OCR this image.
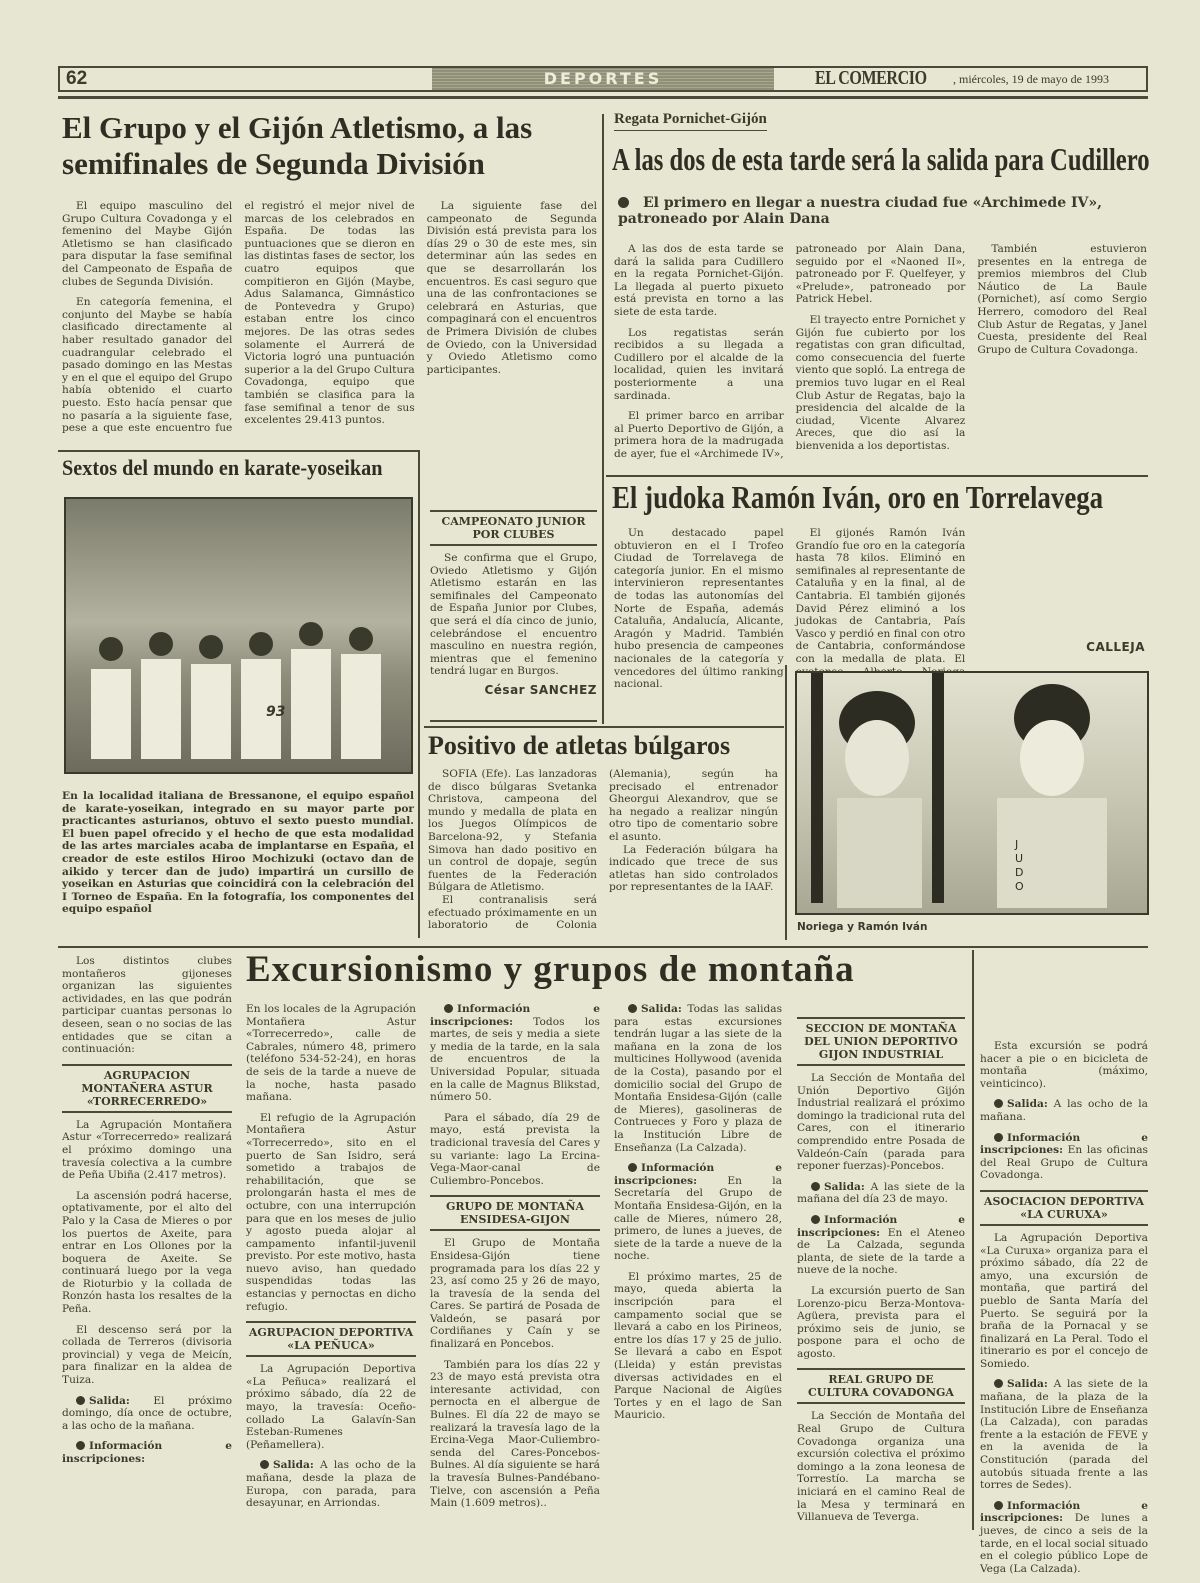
62	DEPORTES	EL COMERCIO , miércoles, 19 de mayo de 1993
El Grupo y el Gijón Atletismo, a las semifinales de Segunda División

El equipo masculino del Grupo Cultura Covadonga y el femenino del Maybe Gijón Atletismo se han clasificado para disputar la fase semifinal del Campeonato de España de clubes de Segunda División.

En categoría femenina, el conjunto del Maybe se había clasificado directamente al haber resultado ganador del cuadrangular celebrado el pasado domingo en las Mestas y en el que el equipo del Grupo había obtenido el cuarto puesto. Esto hacía pensar que no pasaría a la siguiente fase, pese a que este encuentro fue el registró el mejor nivel de marcas de los celebrados en España. De todas las puntuaciones que se dieron en las distintas fases de sector, los cuatro equipos que compitieron en Gijón (Maybe, Adus Salamanca, Gimnástico de Pontevedra y Grupo) estaban entre los cinco mejores. De las otras sedes solamente el Aurrerá de Victoria logró una puntuación superior a la del Grupo Cultura Covadonga, equipo que también se clasifica para la fase semifinal a tenor de sus excelentes 29.413 puntos.

La siguiente fase del campeonato de Segunda División está prevista para los días 29 o 30 de este mes, sin determinar aún las sedes en que se desarrollarán los encuentros. Es casi seguro que una de las confrontaciones se celebrará en Asturias, que compaginará con el encuentros de Primera División de clubes de Oviedo, con la Universidad y Oviedo Atletismo como participantes.

CAMPEONATO JUNIOR POR CLUBES

Se confirma que el Grupo, Oviedo Atletismo y Gijón Atletismo estarán en las semifinales del Campeonato de España Junior por Clubes, que será el día cinco de junio, celebrándose el encuentro masculino en nuestra región, mientras que el femenino tendrá lugar en Burgos.

César SANCHEZ
Sextos del mundo en karate-yoseikan
93
En la localidad italiana de Bressanone, el equipo español de karate-yoseikan, integrado en su mayor parte por practicantes asturianos, obtuvo el sexto puesto mundial. El buen papel ofrecido y el hecho de que esta modalidad de las artes marciales acaba de implantarse en España, el creador de este estilos Hiroo Mochizuki (octavo dan de aikido y tercer dan de judo) impartirá un cursillo de yoseikan en Asturias que coincidirá con la celebración del I Torneo de España. En la fotografía, los componentes del equipo español
Regata Pornichet-Gijón
A las dos de esta tarde será la salida para Cudillero
El primero en llegar a nuestra ciudad fue «Archimede IV», patroneado por Alain Dana

A las dos de esta tarde se dará la salida para Cudillero en la regata Pornichet-Gijón. La llegada al puerto pixueto está prevista en torno a las siete de esta tarde.

Los regatistas serán recibidos a su llegada a Cudillero por el alcalde de la localidad, quien les invitará posteriormente a una sardinada.

El primer barco en arribar al Puerto Deportivo de Gijón, a primera hora de la madrugada de ayer, fue el «Archimede IV», patroneado por Alain Dana, seguido por el «Naoned II», patroneado por F. Quelfeyer, y «Prelude», patroneado por Patrick Hebel.

El trayecto entre Pornichet y Gijón fue cubierto por los regatistas con gran dificultad, como consecuencia del fuerte viento que sopló. La entrega de premios tuvo lugar en el Real Club Astur de Regatas, bajo la presidencia del alcalde de la ciudad, Vicente Alvarez Areces, que dio así la bienvenida a los deportistas.

También estuvieron presentes en la entrega de premios miembros del Club Náutico de La Baule (Pornichet), así como Sergio Herrero, comodoro del Real Club Astur de Regatas, y Janel Cuesta, presidente del Real Grupo de Cultura Covadonga.

El judoka Ramón Iván, oro en Torrelavega

Un destacado papel obtuvieron en el I Trofeo Ciudad de Torrelavega de categoría junior. En el mismo intervinieron representantes de todas las autonomías del Norte de España, además Cataluña, Andalucía, Alicante, Aragón y Madrid. También hubo presencia de campeones nacionales de la categoría y vencedores del último ranking nacional.

El gijonés Ramón Iván Grandío fue oro en la categoría hasta 78 kilos. Eliminó en semifinales al representante de Cataluña y en la final, al de Cantabria. El también gijonés David Pérez eliminó a los judokas de Cantabria, País Vasco y perdió en final con otro de Cantabria, conformándose con la medalla de plata. El

CALLEJA
JUDO
Noriega y Ramón Iván
Positivo de atletas búlgaros

SOFIA (Efe). Las lanzadoras de disco búlgaras Svetanka Christova, campeona del mundo y medalla de plata en los Juegos Olímpicos de Barcelona-92, y Stefania Simova han dado positivo en un control de dopaje, según fuentes de la Federación Búlgara de Atletismo.

El contranalisis será efectuado próximamente en un laboratorio de Colonia (Alemania), según ha precisado el entrenador Gheorgui Alexandrov, que se ha negado a realizar ningún otro tipo de comentario sobre el asunto.

La Federación búlgara ha indicado que trece de sus atletas han sido controlados por representantes de la IAAF.

Excursionismo y grupos de montaña

Los distintos clubes montañeros gijoneses organizan las siguientes actividades, en las que podrán participar cuantas personas lo deseen, sean o no socias de las entidades que se citan a continuación:

AGRUPACION MONTAÑERA ASTUR «TORRECERREDO»

La Agrupación Montañera Astur «Torrecerredo» realizará el próximo domingo una travesía colectiva a la cumbre de Peña Ubiña (2.417 metros).

La ascensión podrá hacerse, optativamente, por el alto del Palo y la Casa de Mieres o por los puertos de Axeite, para entrar en Los Ollones por la boquera de Axeite. Se continuará luego por la vega de Rioturbio y la collada de Ronzón hasta los resaltes de la Peña.

El descenso será por la collada de Terreros (divisoria provincial) y vega de Meicín, para finalizar en la aldea de Tuiza.

Salida: El próximo domingo, día once de octubre, a las ocho de la mañana.

Información e inscripciones:

En los locales de la Agrupación Montañera Astur «Torrecerredo», calle de Cabrales, número 48, primero (teléfono 534-52-24), en horas de seis de la tarde a nueve de la noche, hasta pasado mañana.

El refugio de la Agrupación Montañera Astur «Torrecerredo», sito en el puerto de San Isidro, será sometido a trabajos de rehabilitación, que se prolongarán hasta el mes de octubre, con una interrupción para que en los meses de julio y agosto pueda alojar al campamento infantil-juvenil previsto. Por este motivo, hasta nuevo aviso, han quedado suspendidas todas las estancias y pernoctas en dicho refugio.

AGRUPACION DEPORTIVA «LA PEÑUCA»

La Agrupación Deportiva «La Peñuca» realizará el próximo sábado, día 22 de mayo, la travesía: Oceño-collado La Galavín-San Esteban-Rumenes (Peñamellera).

Salida: A las ocho de la mañana, desde la plaza de Europa, con parada, para desayunar, en Arriondas.

Información e inscripciones: Todos los martes, de seis y media a siete y media de la tarde, en la sala de encuentros de la Universidad Popular, situada en la calle de Magnus Blikstad, número 50.

Para el sábado, día 29 de mayo, está prevista la tradicional travesía del Cares y su variante: lago La Ercina-Vega-Maor-canal de Culiembro-Poncebos.

GRUPO DE MONTAÑA ENSIDESA-GIJON

El Grupo de Montaña Ensidesa-Gijón tiene programada para los días 22 y 23, así como 25 y 26 de mayo, la travesía de la senda del Cares. Se partirá de Posada de Valdeón, se pasará por Cordiñanes y Caín y se finalizará en Poncebos.

También para los días 22 y 23 de mayo está prevista otra interesante actividad, con pernocta en el albergue de Bulnes. El día 22 de mayo se realizará la travesía lago de la Ercina-Vega Maor-Culiembro-senda del Cares-Poncebos-Bulnes. Al día siguiente se hará la travesía Bulnes-Pandébano-Tielve, con ascensión a Peña Main (1.609 metros)..

Salida: Todas las salidas para estas excursiones tendrán lugar a las siete de la mañana en la zona de los multicines Hollywood (avenida de la Costa), pasando por el domicilio social del Grupo de Montaña Ensidesa-Gijón (calle de Mieres), gasolineras de Contrueces y Foro y plaza de la Institución Libre de Enseñanza (La Calzada).

Información e inscripciones:	En la Secretaría del Grupo de Montaña Ensidesa-Gijón, en la calle de Mieres, número 28, primero, de lunes a jueves, de siete de la tarde a nueve de la noche.

El próximo martes, 25 de mayo, queda abierta la inscripción para el campamento social que se llevará a cabo en los Pirineos, entre los días 17 y 25 de julio. Se llevará a cabo en Espot (Lleida) y están previstas diversas actividades en el Parque Nacional de Aigües Tortes y en el lago de San Mauricio.

SECCION DE MONTAÑA DEL UNION DEPORTIVO GIJON INDUSTRIAL

La Sección de Montaña del Unión Deportivo Gijón Industrial realizará el próximo domingo la tradicional ruta del Cares, con el itinerario comprendido entre Posada de Valdeón-Caín (parada para reponer fuerzas)-Poncebos.

Salida: A las siete de la mañana del día 23 de mayo.

Información e inscripciones: En el Ateneo de La Calzada, segunda planta, de siete de la tarde a nueve de la noche.

La excursión puerto de San Lorenzo-picu Berza-Montova-Agüera, prevista para el próximo seis de junio, se pospone para el ocho de agosto.

REAL GRUPO DE CULTURA COVADONGA

La Sección de Montaña del Real Grupo de Cultura Covadonga organiza una excursión colectiva el próximo domingo a la zona leonesa de Torrestío. La marcha se iniciará en el camino Real de la Mesa y terminará en Villanueva de Teverga.

Esta excursión se podrá hacer a pie o en bicicleta de montaña (máximo, veinticinco).

Salida: A las ocho de la mañana.

Información e inscripciones: En las oficinas del Real Grupo de Cultura Covadonga.

ASOCIACION DEPORTIVA «LA CURUXA»

La Agrupación Deportiva «La Curuxa» organiza para el próximo sábado, día 22 de amyo, una excursión de montaña, que partirá del pueblo de Santa María del Puerto. Se seguirá por la braña de la Pornacal y se finalizará en La Peral. Todo el itinerario es por el concejo de Somiedo.

Salida: A las siete de la mañana, de la plaza de la Institución Libre de Enseñanza (La Calzada), con paradas frente a la estación de FEVE y en la avenida de la Constitución (parada del autobús situada frente a las torres de Sedes).

Información e inscripciones: De lunes a jueves, de cinco a seis de la tarde, en el local social situado en el colegio público Lope de Vega (La Calzada).
